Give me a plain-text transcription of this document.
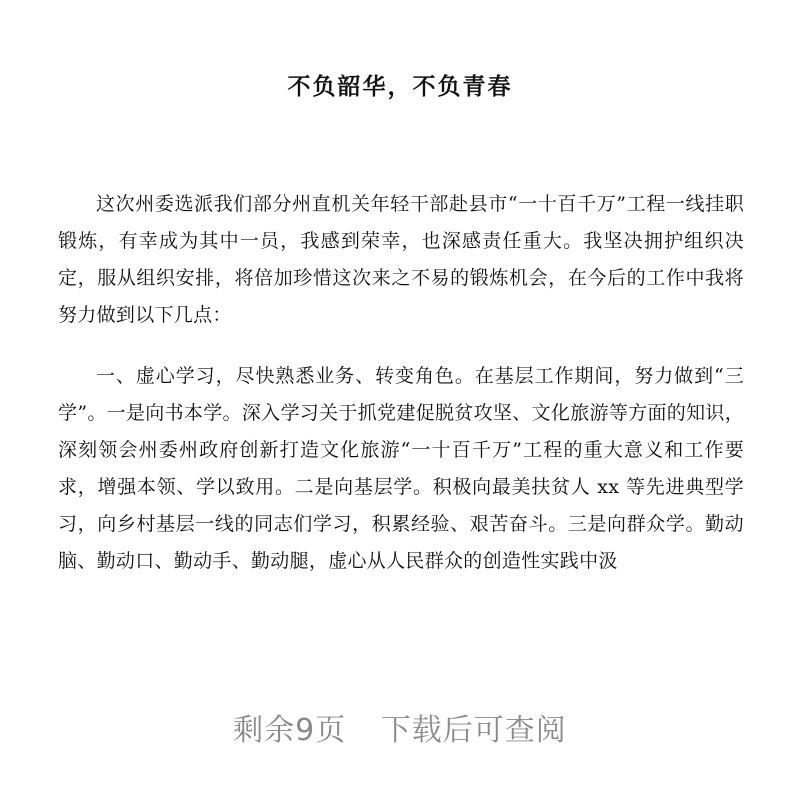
不负韶华，不负青春

这次州委选派我们部分州直机关年轻干部赴县市“一十百千万”工程一线挂职锻炼，有幸成为其中一员，我感到荣幸，也深感责任重大。我坚决拥护组织决定，服从组织安排，将倍加珍惜这次来之不易的锻炼机会，在今后的工作中我将努力做到以下几点：

一、虚心学习，尽快熟悉业务、转变角色。在基层工作期间，努力做到“三学”。一是向书本学。深入学习关于抓党建促脱贫攻坚、文化旅游等方面的知识，深刻领会州委州政府创新打造文化旅游“一十百千万”工程的重大意义和工作要求，增强本领、学以致用。二是向基层学。积极向最美扶贫人 xx 等先进典型学习，向乡村基层一线的同志们学习，积累经验、艰苦奋斗。三是向群众学。勤动脑、勤动口、勤动手、勤动腿，虚心从人民群众的创造性实践中汲

剩余9页 下载后可查阅
